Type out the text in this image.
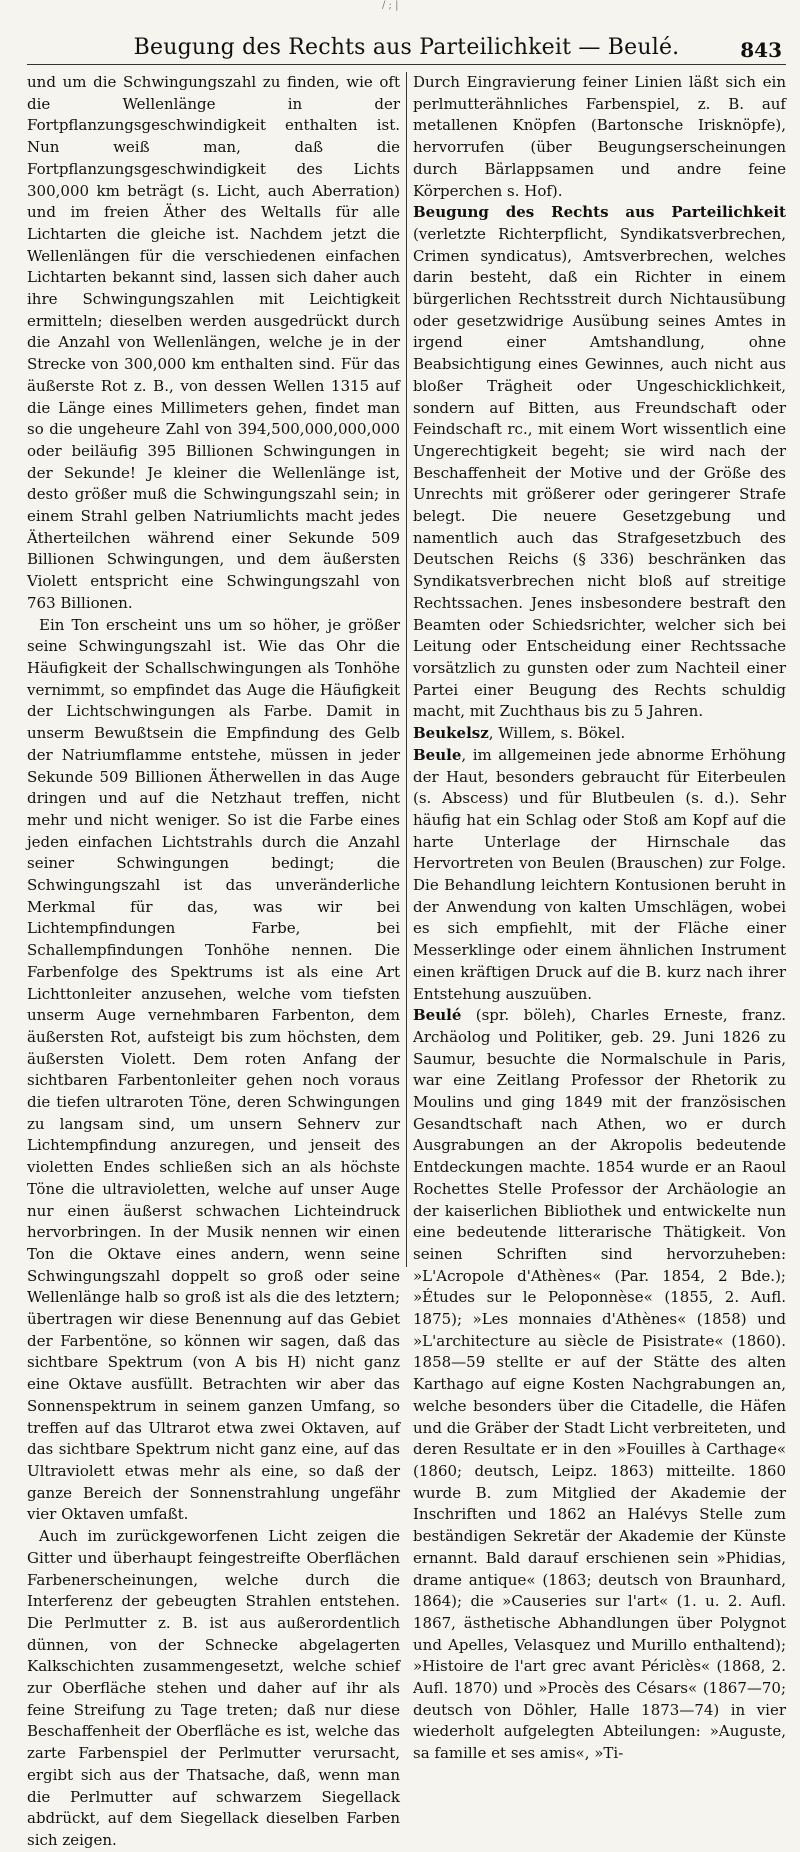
/ ; |
Beugung des Rechts aus Parteilichkeit — Beulé.	843

und um die Schwingungszahl zu finden, wie oft die Wellenlänge in der Fortpflanzungsgeschwindigkeit enthalten ist. Nun weiß man, daß die Fortpflanzungsgeschwindigkeit des Lichts 300,000 km beträgt (s. Licht, auch Aberration) und im freien Äther des Weltalls für alle Lichtarten die gleiche ist. Nachdem jetzt die Wellenlängen für die verschiedenen einfachen Lichtarten bekannt sind, lassen sich daher auch ihre Schwingungszahlen mit Leichtigkeit ermitteln; dieselben werden ausgedrückt durch die Anzahl von Wellenlängen, welche je in der Strecke von 300,000 km enthalten sind. Für das äußerste Rot z. B., von dessen Wellen 1315 auf die Länge eines Millimeters gehen, findet man so die ungeheure Zahl von 394,500,000,000,000 oder beiläufig 395 Billionen Schwingungen in der Sekunde! Je kleiner die Wellenlänge ist, desto größer muß die Schwingungszahl sein; in einem Strahl gelben Natriumlichts macht jedes Ätherteilchen während einer Sekunde 509 Billionen Schwingungen, und dem äußersten Violett entspricht eine Schwingungszahl von 763 Billionen.

Ein Ton erscheint uns um so höher, je größer seine Schwingungszahl ist. Wie das Ohr die Häufigkeit der Schallschwingungen als Tonhöhe vernimmt, so empfindet das Auge die Häufigkeit der Lichtschwingungen als Farbe. Damit in unserm Bewußtsein die Empfindung des Gelb der Natriumflamme entstehe, müssen in jeder Sekunde 509 Billionen Ätherwellen in das Auge dringen und auf die Netzhaut treffen, nicht mehr und nicht weniger. So ist die Farbe eines jeden einfachen Lichtstrahls durch die Anzahl seiner Schwingungen bedingt; die Schwingungszahl ist das unveränderliche Merkmal für das, was wir bei Lichtempfindungen Farbe, bei Schallempfindungen Tonhöhe nennen. Die Farbenfolge des Spektrums ist als eine Art Lichttonleiter anzusehen, welche vom tiefsten unserm Auge vernehmbaren Farbenton, dem äußersten Rot, aufsteigt bis zum höchsten, dem äußersten Violett. Dem roten Anfang der sichtbaren Farbentonleiter gehen noch voraus die tiefen ultraroten Töne, deren Schwingungen zu langsam sind, um unsern Sehnerv zur Lichtempfindung anzuregen, und jenseit des violetten Endes schließen sich an als höchste Töne die ultravioletten, welche auf unser Auge nur einen äußerst schwachen Lichteindruck hervorbringen. In der Musik nennen wir einen Ton die Oktave eines andern, wenn seine Schwingungszahl doppelt so groß oder seine Wellenlänge halb so groß ist als die des letztern; übertragen wir diese Benennung auf das Gebiet der Farbentöne, so können wir sagen, daß das sichtbare Spektrum (von A bis H) nicht ganz eine Oktave ausfüllt. Betrachten wir aber das Sonnenspektrum in seinem ganzen Umfang, so treffen auf das Ultrarot etwa zwei Oktaven, auf das sichtbare Spektrum nicht ganz eine, auf das Ultraviolett etwas mehr als eine, so daß der ganze Bereich der Sonnenstrahlung ungefähr vier Oktaven umfaßt.

Auch im zurückgeworfenen Licht zeigen die Gitter und überhaupt feingestreifte Oberflächen Farbenerscheinungen, welche durch die Interferenz der gebeugten Strahlen entstehen. Die Perlmutter z. B. ist aus außerordentlich dünnen, von der Schnecke abgelagerten Kalkschichten zusammengesetzt, welche schief zur Oberfläche stehen und daher auf ihr als feine Streifung zu Tage treten; daß nur diese Beschaffenheit der Oberfläche es ist, welche das zarte Farbenspiel der Perlmutter verursacht, ergibt sich aus der Thatsache, daß, wenn man die Perlmutter auf schwarzem Siegellack abdrückt, auf dem Siegellack dieselben Farben sich zeigen.

Durch Eingravierung feiner Linien läßt sich ein perlmutterähnliches Farbenspiel, z. B. auf metallenen Knöpfen (Bartonsche Irisknöpfe), hervorrufen (über Beugungserscheinungen durch Bärlappsamen und andre feine Körperchen s. Hof).

Beugung des Rechts aus Parteilichkeit (verletzte Richterpflicht, Syndikatsverbrechen, Crimen syndicatus), Amtsverbrechen, welches darin besteht, daß ein Richter in einem bürgerlichen Rechtsstreit durch Nichtausübung oder gesetzwidrige Ausübung seines Amtes in irgend einer Amtshandlung, ohne Beabsichtigung eines Gewinnes, auch nicht aus bloßer Trägheit oder Ungeschicklichkeit, sondern auf Bitten, aus Freundschaft oder Feindschaft rc., mit einem Wort wissentlich eine Ungerechtigkeit begeht; sie wird nach der Beschaffenheit der Motive und der Größe des Unrechts mit größerer oder geringerer Strafe belegt. Die neuere Gesetzgebung und namentlich auch das Strafgesetzbuch des Deutschen Reichs (§ 336) beschränken das Syndikatsverbrechen nicht bloß auf streitige Rechtssachen. Jenes insbesondere bestraft den Beamten oder Schiedsrichter, welcher sich bei Leitung oder Entscheidung einer Rechtssache vorsätzlich zu gunsten oder zum Nachteil einer Partei einer Beugung des Rechts schuldig macht, mit Zuchthaus bis zu 5 Jahren.

Beukelsz, Willem, s. Bökel.

Beule, im allgemeinen jede abnorme Erhöhung der Haut, besonders gebraucht für Eiterbeulen (s. Abscess) und für Blutbeulen (s. d.). Sehr häufig hat ein Schlag oder Stoß am Kopf auf die harte Unterlage der Hirnschale das Hervortreten von Beulen (Brauschen) zur Folge. Die Behandlung leichtern Kontusionen beruht in der Anwendung von kalten Umschlägen, wobei es sich empfiehlt, mit der Fläche einer Messerklinge oder einem ähnlichen Instrument einen kräftigen Druck auf die B. kurz nach ihrer Entstehung auszuüben.

Beulé (spr. böleh), Charles Erneste, franz. Archäolog und Politiker, geb. 29. Juni 1826 zu Saumur, besuchte die Normalschule in Paris, war eine Zeitlang Professor der Rhetorik zu Moulins und ging 1849 mit der französischen Gesandtschaft nach Athen, wo er durch Ausgrabungen an der Akropolis bedeutende Entdeckungen machte. 1854 wurde er an Raoul Rochettes Stelle Professor der Archäologie an der kaiserlichen Bibliothek und entwickelte nun eine bedeutende litterarische Thätigkeit. Von seinen Schriften sind hervorzuheben: »L'Acropole d'Athènes« (Par. 1854, 2 Bde.); »Études sur le Peloponnèse« (1855, 2. Aufl. 1875); »Les monnaies d'Athènes« (1858) und »L'architecture au siècle de Pisistrate« (1860). 1858—59 stellte er auf der Stätte des alten Karthago auf eigne Kosten Nachgrabungen an, welche besonders über die Citadelle, die Häfen und die Gräber der Stadt Licht verbreiteten, und deren Resultate er in den »Fouilles à Carthage« (1860; deutsch, Leipz. 1863) mitteilte. 1860 wurde B. zum Mitglied der Akademie der Inschriften und 1862 an Halévys Stelle zum beständigen Sekretär der Akademie der Künste ernannt. Bald darauf erschienen sein »Phidias, drame antique« (1863; deutsch von Braunhard, 1864); die »Causeries sur l'art« (1. u. 2. Aufl. 1867, ästhetische Abhandlungen über Polygnot und Apelles, Velasquez und Murillo enthaltend); »Histoire de l'art grec avant Périclès« (1868, 2. Aufl. 1870) und »Procès des Césars« (1867—70; deutsch von Döhler, Halle 1873—74) in vier wiederholt aufgelegten Abteilungen: »Auguste, sa famille et ses amis«, »Ti-
